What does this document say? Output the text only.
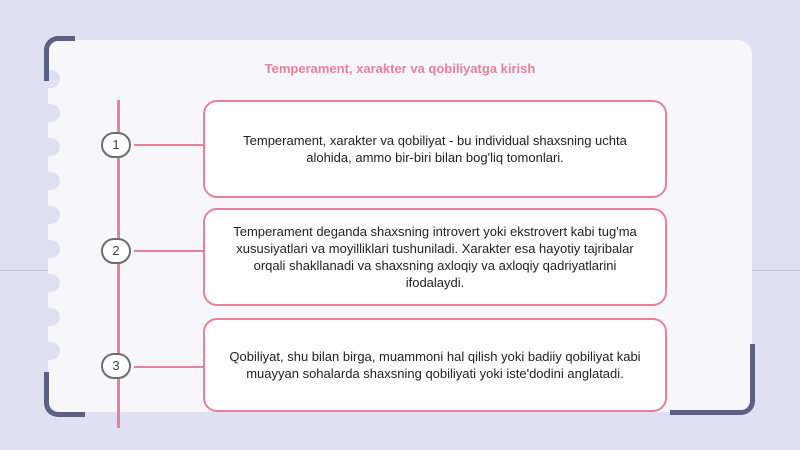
Temperament, xarakter va qobiliyatga kirish
1	Temperament, xarakter va qobiliyat - bu individual shaxsning uchta alohida, ammo bir-biri bilan bog'liq tomonlari.
2
Temperament deganda shaxsning introvert yoki ekstrovert kabi tug'ma xususiyatlari va moyilliklari tushuniladi. Xarakter esa hayotiy tajribalar orqali shakllanadi va shaxsning axloqiy va axloqiy qadriyatlarini ifodalaydi.
3
Qobiliyat, shu bilan birga, muammoni hal qilish yoki badiiy qobiliyat kabi muayyan sohalarda shaxsning qobiliyati yoki iste'dodini anglatadi.
